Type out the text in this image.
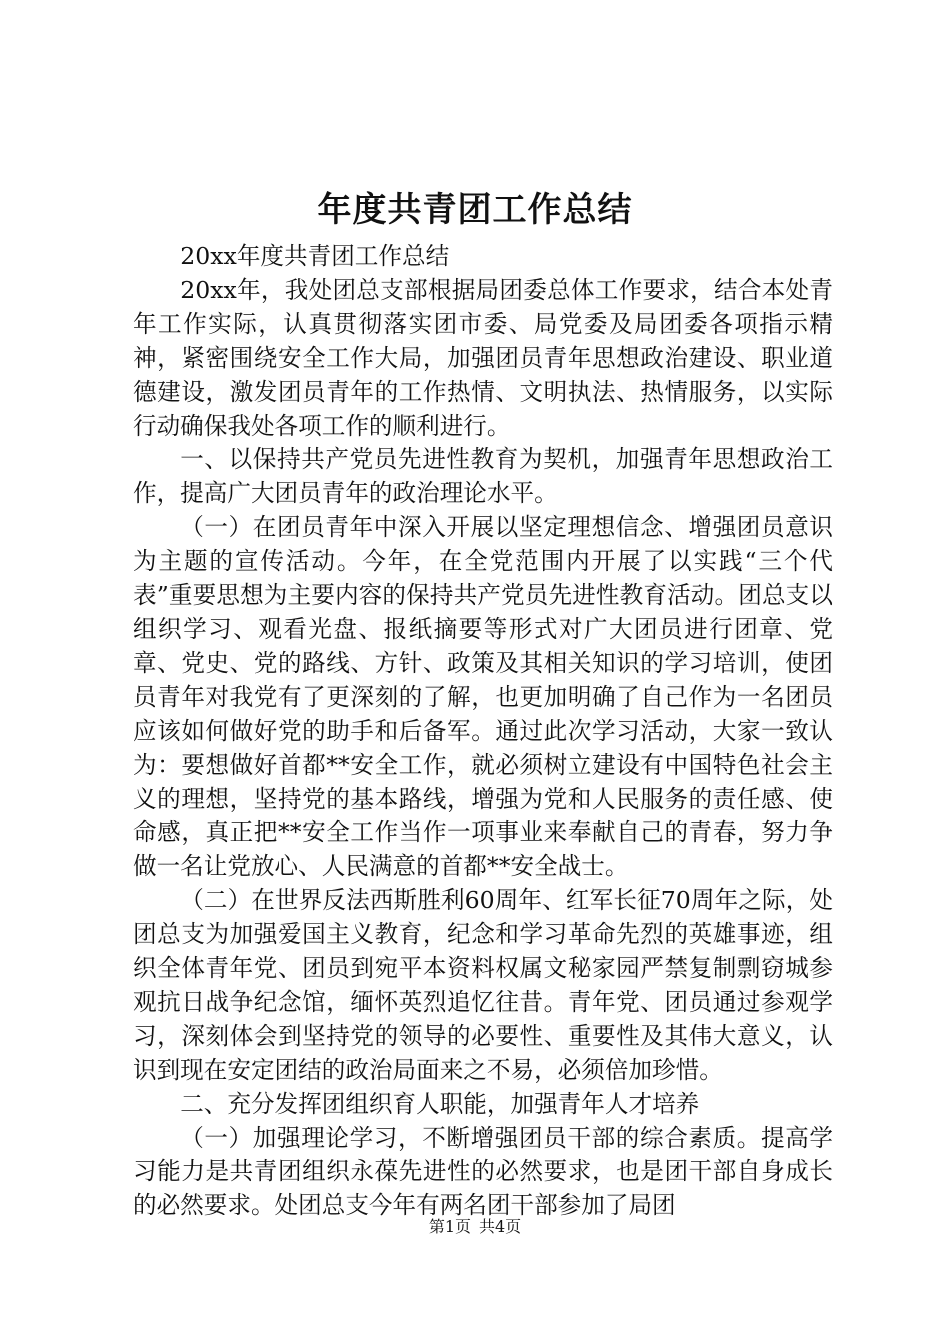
年度共青团工作总结

20xx年度共青团工作总结

20xx年，我处团总支部根据局团委总体工作要求，结合本处青年工作实际，认真贯彻落实团市委、局党委及局团委各项指示精神，紧密围绕安全工作大局，加强团员青年思想政治建设、职业道德建设，激发团员青年的工作热情、文明执法、热情服务，以实际行动确保我处各项工作的顺利进行。

一、以保持共产党员先进性教育为契机，加强青年思想政治工作，提高广大团员青年的政治理论水平。

（一）在团员青年中深入开展以坚定理想信念、增强团员意识为主题的宣传活动。今年，在全党范围内开展了以实践“三个代表”重要思想为主要内容的保持共产党员先进性教育活动。团总支以组织学习、观看光盘、报纸摘要等形式对广大团员进行团章、党章、党史、党的路线、方针、政策及其相关知识的学习培训，使团员青年对我党有了更深刻的了解，也更加明确了自己作为一名团员应该如何做好党的助手和后备军。通过此次学习活动，大家一致认为：要想做好首都**安全工作，就必须树立建设有中国特色社会主义的理想，坚持党的基本路线，增强为党和人民服务的责任感、使命感，真正把**安全工作当作一项事业来奉献自己的青春，努力争做一名让党放心、人民满意的首都**安全战士。

（二）在世界反法西斯胜利60周年、红军长征70周年之际，处团总支为加强爱国主义教育，纪念和学习革命先烈的英雄事迹，组织全体青年党、团员到宛平本资料权属文秘家园严禁复制剽窃城参观抗日战争纪念馆，缅怀英烈追忆往昔。青年党、团员通过参观学习，深刻体会到坚持党的领导的必要性、重要性及其伟大意义，认识到现在安定团结的政治局面来之不易，必须倍加珍惜。

二、充分发挥团组织育人职能，加强青年人才培养

（一）加强理论学习，不断增强团员干部的综合素质。提高学习能力是共青团组织永葆先进性的必然要求，也是团干部自身成长的必然要求。处团总支今年有两名团干部参加了局团

第1页 共4页
